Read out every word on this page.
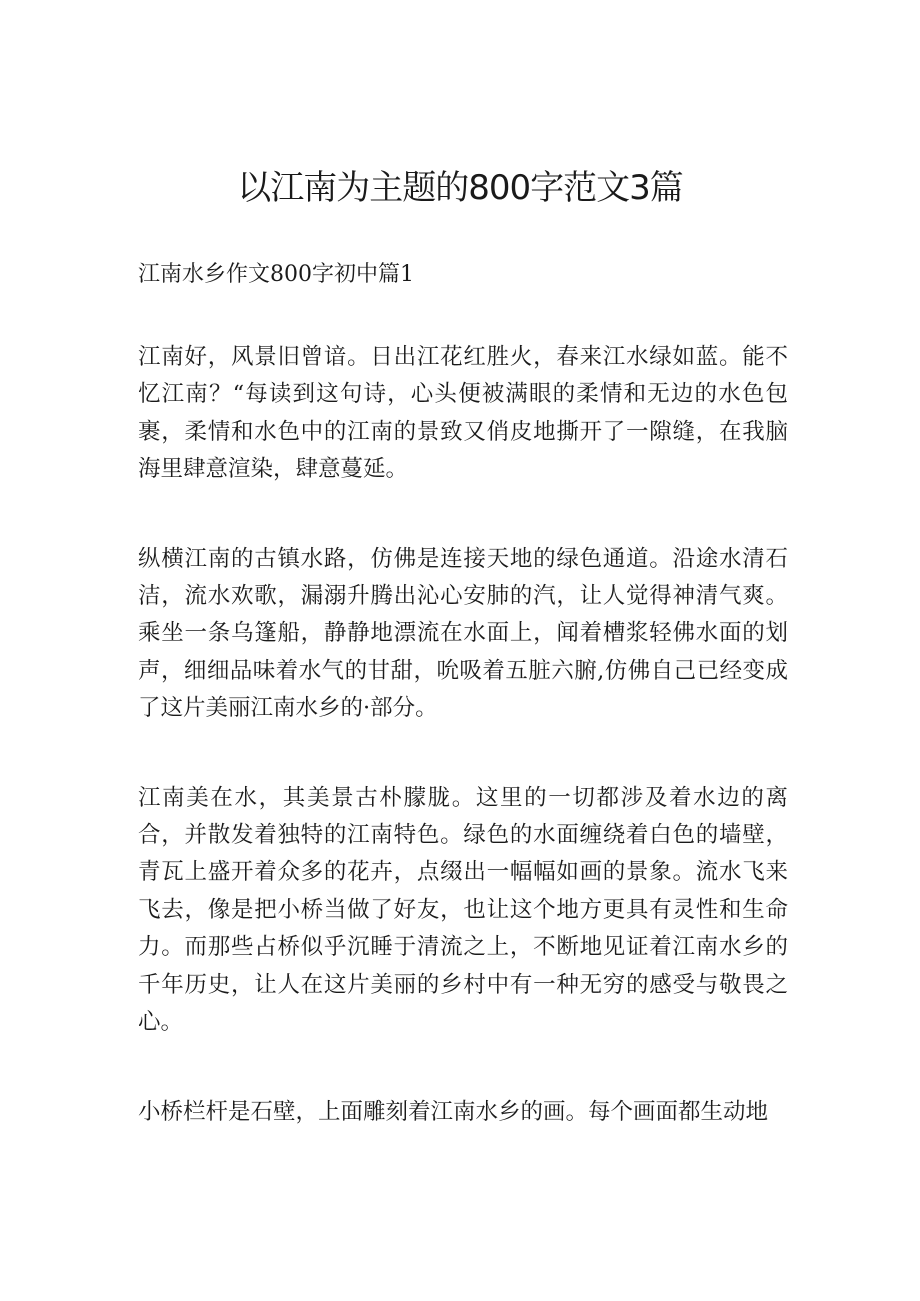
以江南为主题的800字范文3篇
江南水乡作文800字初中篇1

江南好，风景旧曾谙。日出江花红胜火，春来江水绿如蓝。能不忆江南？“每读到这句诗，心头便被满眼的柔情和无边的水色包裹，柔情和水色中的江南的景致又俏皮地撕开了一隙缝，在我脑海里肆意渲染，肆意蔓延。

纵横江南的古镇水路，仿佛是连接天地的绿色通道。沿途水清石洁，流水欢歌，漏溺升腾出沁心安肺的汽，让人觉得神清气爽。乘坐一条乌篷船，静静地漂流在水面上，闻着槽浆轻佛水面的划声，细细品味着水气的甘甜，吮吸着五脏六腑,仿佛自己已经变成了这片美丽江南水乡的·部分。

江南美在水，其美景古朴朦胧。这里的一切都涉及着水边的离合，并散发着独特的江南特色。绿色的水面缠绕着白色的墙壁，青瓦上盛开着众多的花卉，点缀出一幅幅如画的景象。流水飞来飞去，像是把小桥当做了好友，也让这个地方更具有灵性和生命力。而那些占桥似乎沉睡于清流之上，不断地见证着江南水乡的千年历史，让人在这片美丽的乡村中有一种无穷的感受与敬畏之心。

小桥栏杆是石壁，上面雕刻着江南水乡的画。每个画面都生动地
